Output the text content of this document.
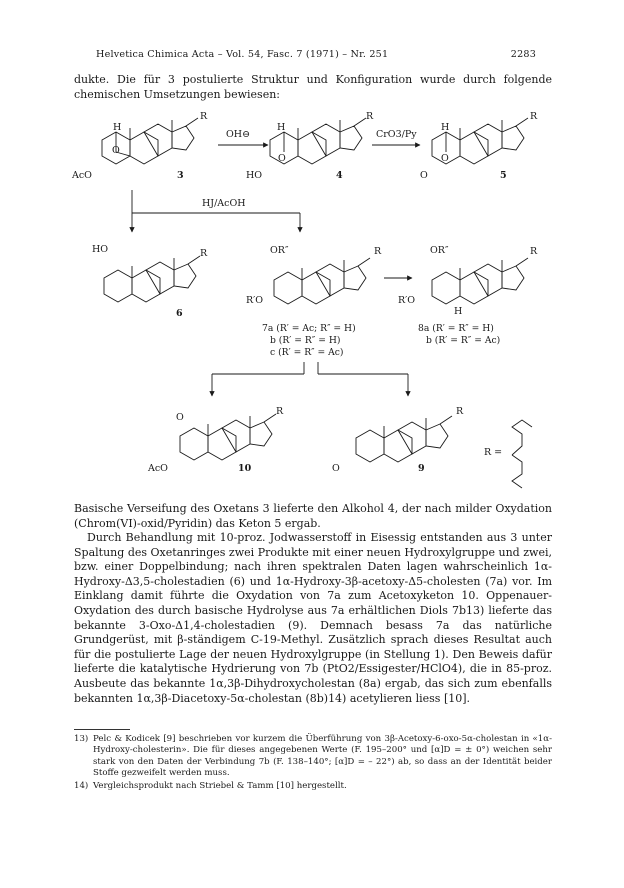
Helvetica Chimica Acta – Vol. 54, Fasc. 7 (1971) – Nr. 251	2283
dukte. Die für 3 postulierte Struktur und Konfiguration wurde durch folgende chemischen Umsetzungen bewiesen:
O
H
R
AcO	3
OH⊖
O
H
R
HO	4
CrO3/Py
O
H
R
O	5
HJ/AcOH
HO	R
6
OR″	R
R′O
OR″	R
R′O
H
7a (R′ = Ac; R″ = H)
b (R′ = R″ = H)
c (R′ = R″ = Ac)
8a (R′ = R″ = H)
b (R′ = R″ = Ac)
O
R
AcO	10
R
O	9
R =
Basische Verseifung des Oxetans 3 lieferte den Alkohol 4, der nach milder Oxydation (Chrom(VI)-oxid/Pyridin) das Keton 5 ergab.
Durch Behandlung mit 10-proz. Jodwasserstoff in Eisessig entstanden aus 3 unter Spaltung des Oxetanringes zwei Produkte mit einer neuen Hydroxylgruppe und zwei, bzw. einer Doppelbindung; nach ihren spektralen Daten lagen wahrscheinlich 1α-Hydroxy-Δ3,5-cholestadien (6) und 1α-Hydroxy-3β-acetoxy-Δ5-cholesten (7a) vor. Im Einklang damit führte die Oxydation von 7a zum Acetoxyketon 10. Oppenauer-Oxydation des durch basische Hydrolyse aus 7a erhältlichen Diols 7b13) lieferte das bekannte 3-Oxo-Δ1,4-cholestadien (9). Demnach besass 7a das natürliche Grundgerüst, mit β-ständigem C-19-Methyl. Zusätzlich sprach dieses Resultat auch für die postulierte Lage der neuen Hydroxylgruppe (in Stellung 1). Den Beweis dafür lieferte die katalytische Hydrierung von 7b (PtO2/Essigester/HClO4), die in 85-proz. Ausbeute das bekannte 1α,3β-Dihydroxycholestan (8a) ergab, das sich zum ebenfalls bekannten 1α,3β-Diacetoxy-5α-cholestan (8b)14) acetylieren liess [10].
13) Pelc & Kodicek [9] beschrieben vor kurzem die Überführung von 3β-Acetoxy-6-oxo-5α-cholestan in «1α-Hydroxy-cholesterin». Die für dieses angegebenen Werte (F. 195–200° und [α]D = ± 0°) weichen sehr stark von den Daten der Verbindung 7b (F. 138–140°; [α]D = – 22°) ab, so dass an der Identität beider Stoffe gezweifelt werden muss.
14) Vergleichsprodukt nach Striebel & Tamm [10] hergestellt.
